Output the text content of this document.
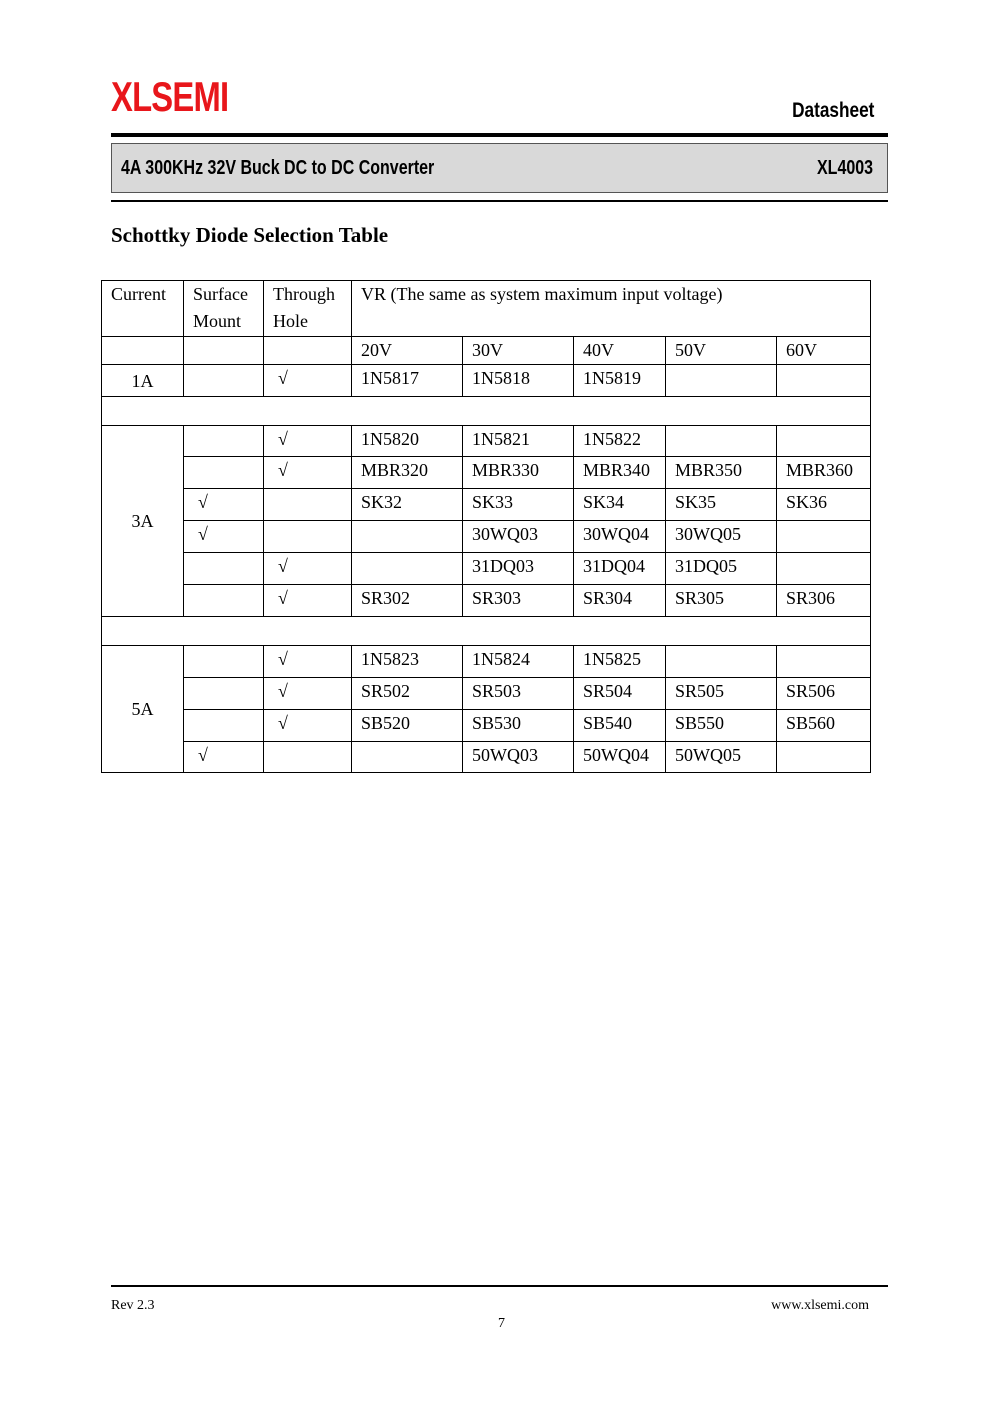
XLSEMI	Datasheet
4A 300KHz 32V Buck DC to DC Converter	XL4003
Schottky Diode Selection Table
Current	Surface Mount	Through Hole	VR (The same as system maximum input voltage)				
			20V	30V	40V	50V	60V
1A		√	1N5817	1N5818	1N5819		

3A		√	1N5820	1N5821	1N5822		
		√	MBR320	MBR330	MBR340	MBR350	MBR360
	√		SK32	SK33	SK34	SK35	SK36
	√			30WQ03	30WQ04	30WQ05	
		√		31DQ03	31DQ04	31DQ05	
		√	SR302	SR303	SR304	SR305	SR306

5A		√	1N5823	1N5824	1N5825		
		√	SR502	SR503	SR504	SR505	SR506
		√	SB520	SB530	SB540	SB550	SB560
	√			50WQ03	50WQ04	50WQ05	
Rev 2.3	www.xlsemi.com
7
